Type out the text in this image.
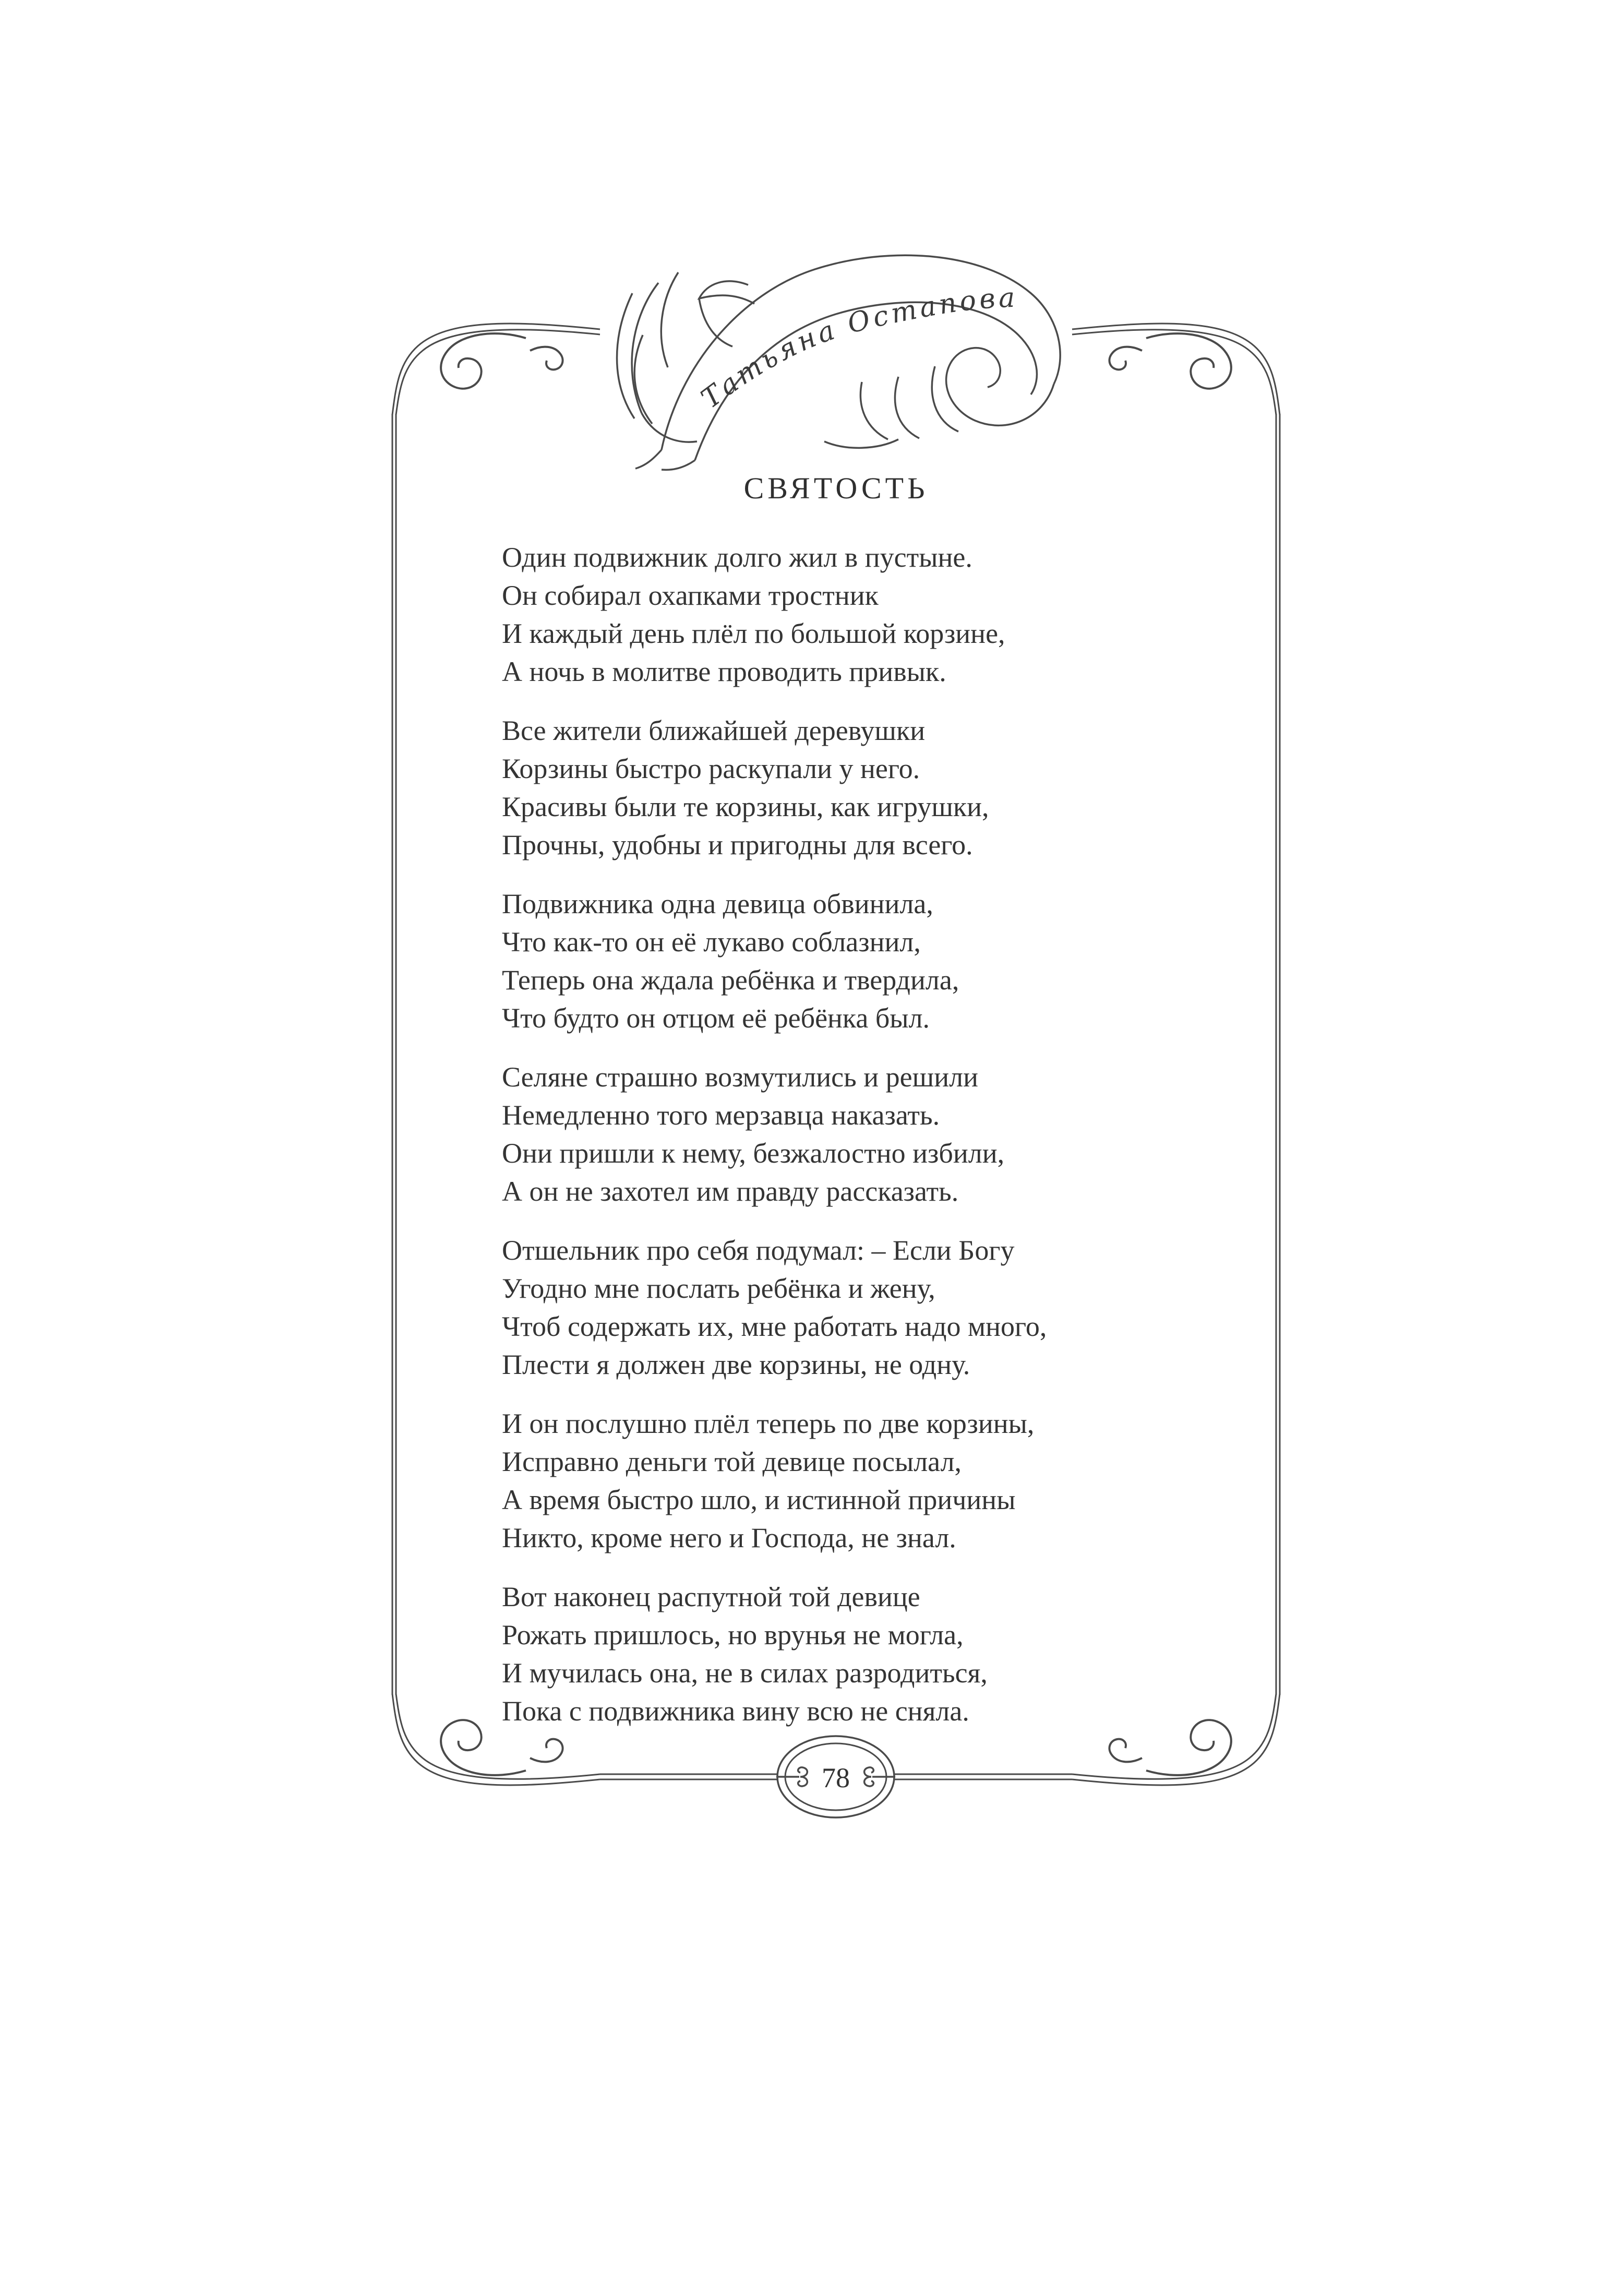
78
Татьяна Остапова
СВЯТОСТЬ
Один подвижник долго жил в пустыне.
Он собирал охапками тростник
И каждый день плёл по большой корзине,
А ночь в молитве проводить привык.
Все жители ближайшей деревушки
Корзины быстро раскупали у него.
Красивы были те корзины, как игрушки,
Прочны, удобны и пригодны для всего.
Подвижника одна девица обвинила,
Что как-то он её лукаво соблазнил,
Теперь она ждала ребёнка и твердила,
Что будто он отцом её ребёнка был.
Селяне страшно возмутились и решили
Немедленно того мерзавца наказать.
Они пришли к нему, безжалостно избили,
А он не захотел им правду рассказать.
Отшельник про себя подумал: – Если Богу
Угодно мне послать ребёнка и жену,
Чтоб содержать их, мне работать надо много,
Плести я должен две корзины, не одну.
И он послушно плёл теперь по две корзины,
Исправно деньги той девице посылал,
А время быстро шло, и истинной причины
Никто, кроме него и Господа, не знал.
Вот наконец распутной той девице
Рожать пришлось, но врунья не могла,
И мучилась она, не в силах разродиться,
Пока с подвижника вину всю не сняла.
